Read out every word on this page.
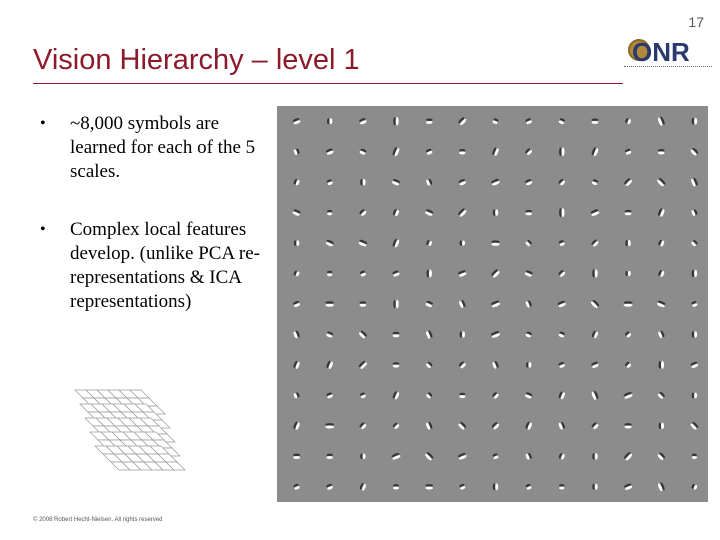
17
Vision Hierarchy – level 1	ONR
• ~8,000 symbols are learned for each of the 5 scales.
• Complex local features develop. (unlike PCA re-representations & ICA representations)
© 2008 Robert Hecht-Nielsen. All rights reserved
